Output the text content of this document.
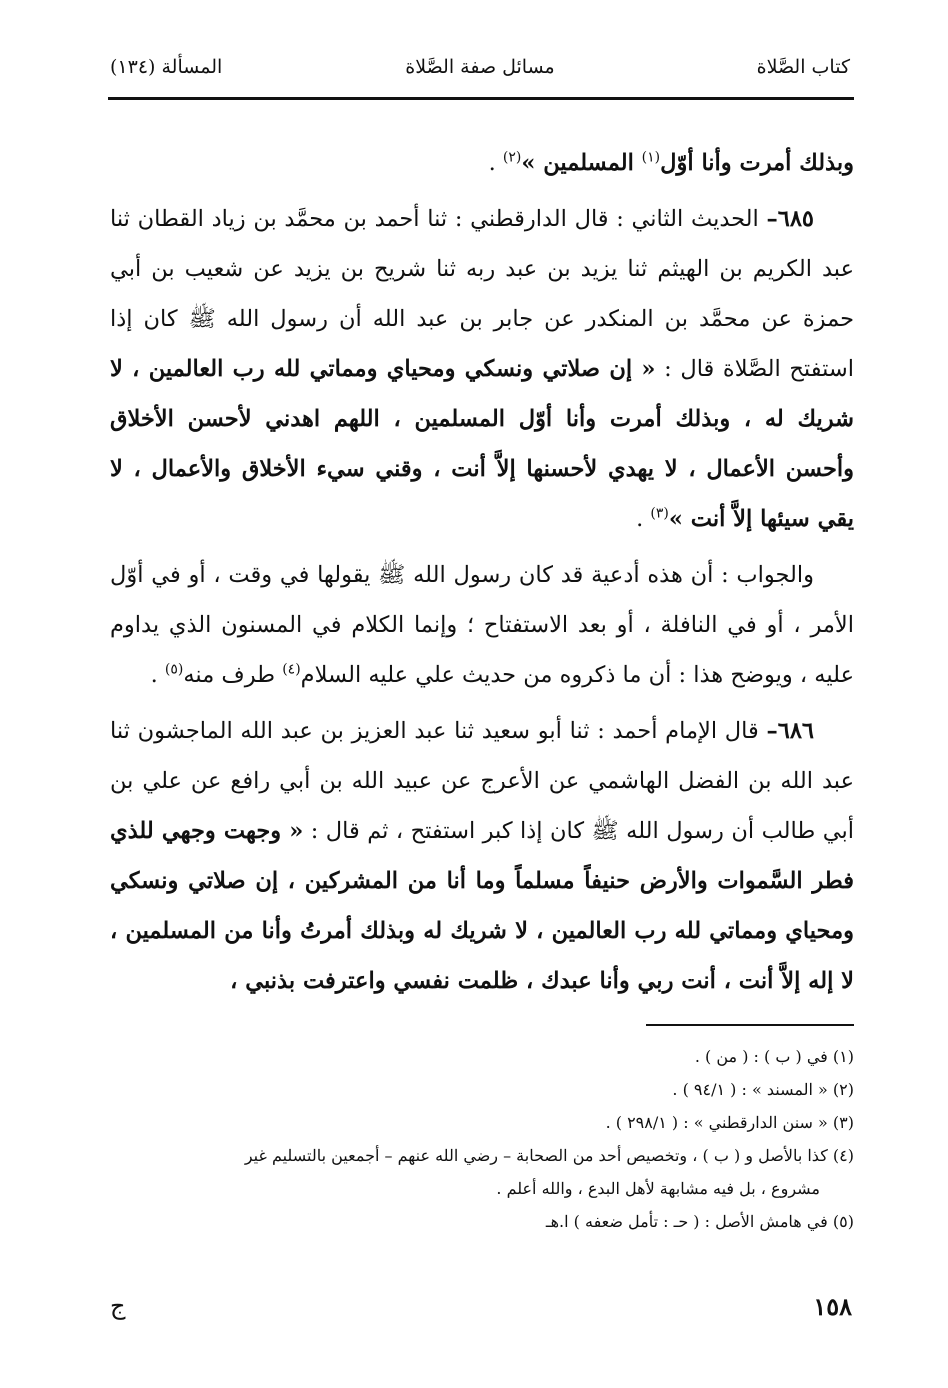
كتاب الصَّلاة
مسائل صفة الصَّلاة
المسألة (١٣٤)

وبذلك أمرت وأنا أوّل$^{(١)}$ المسلمين »$^{(٢)}$ .

٦٨٥– الحديث الثاني : قال الدارقطني : ثنا أحمد بن محمَّد بن زياد القطان ثنا عبد الكريم بن الهيثم ثنا يزيد بن عبد ربه ثنا شريح بن يزيد عن شعيب بن أبي حمزة عن محمَّد بن المنكدر عن جابر بن عبد الله أن رسول الله ﷺ كان إذا استفتح الصَّلاة قال : « إن صلاتي ونسكي ومحياي ومماتي لله رب العالمين ، لا شريك له ، وبذلك أمرت وأنا أوّل المسلمين ، اللهم اهدني لأحسن الأخلاق وأحسن الأعمال ، لا يهدي لأحسنها إلاَّ أنت ، وقني سيء الأخلاق والأعمال ، لا يقي سيئها إلاَّ أنت »$^{(٣)}$ .

والجواب : أن هذه أدعية قد كان رسول الله ﷺ يقولها في وقت ، أو في أوّل الأمر ، أو في النافلة ، أو بعد الاستفتاح ؛ وإنما الكلام في المسنون الذي يداوم عليه ، ويوضح هذا : أن ما ذكروه من حديث علي عليه السلام$^{(٤)}$ طرف منه$^{(٥)}$ .

٦٨٦– قال الإمام أحمد : ثنا أبو سعيد ثنا عبد العزيز بن عبد الله الماجشون ثنا عبد الله بن الفضل الهاشمي عن الأعرج عن عبيد الله بن أبي رافع عن علي بن أبي طالب أن رسول الله ﷺ كان إذا كبر استفتح ، ثم قال : « وجهت وجهي للذي فطر السَّموات والأرض حنيفاً مسلماً وما أنا من المشركين ، إن صلاتي ونسكي ومحياي ومماتي لله رب العالمين ، لا شريك له وبذلك أمرتُ وأنا من المسلمين ، لا إله إلاَّ أنت ، أنت ربي وأنا عبدك ، ظلمت نفسي واعترفت بذنبي ،

(١) في ( ب ) : ( من ) .

(٢) « المسند » : ( ٩٤/١ ) .

(٣) « سنن الدارقطني » : ( ٢٩٨/١ ) .

(٤) كذا بالأصل و ( ب ) ، وتخصيص أحد من الصحابة – رضي الله عنهم – أجمعين بالتسليم غير

مشروع ، بل فيه مشابهة لأهل البدع ، والله أعلم .

(٥) في هامش الأصل : ( حـ : تأمل ضعفه ) ا.هـ

١٥٨
ج
